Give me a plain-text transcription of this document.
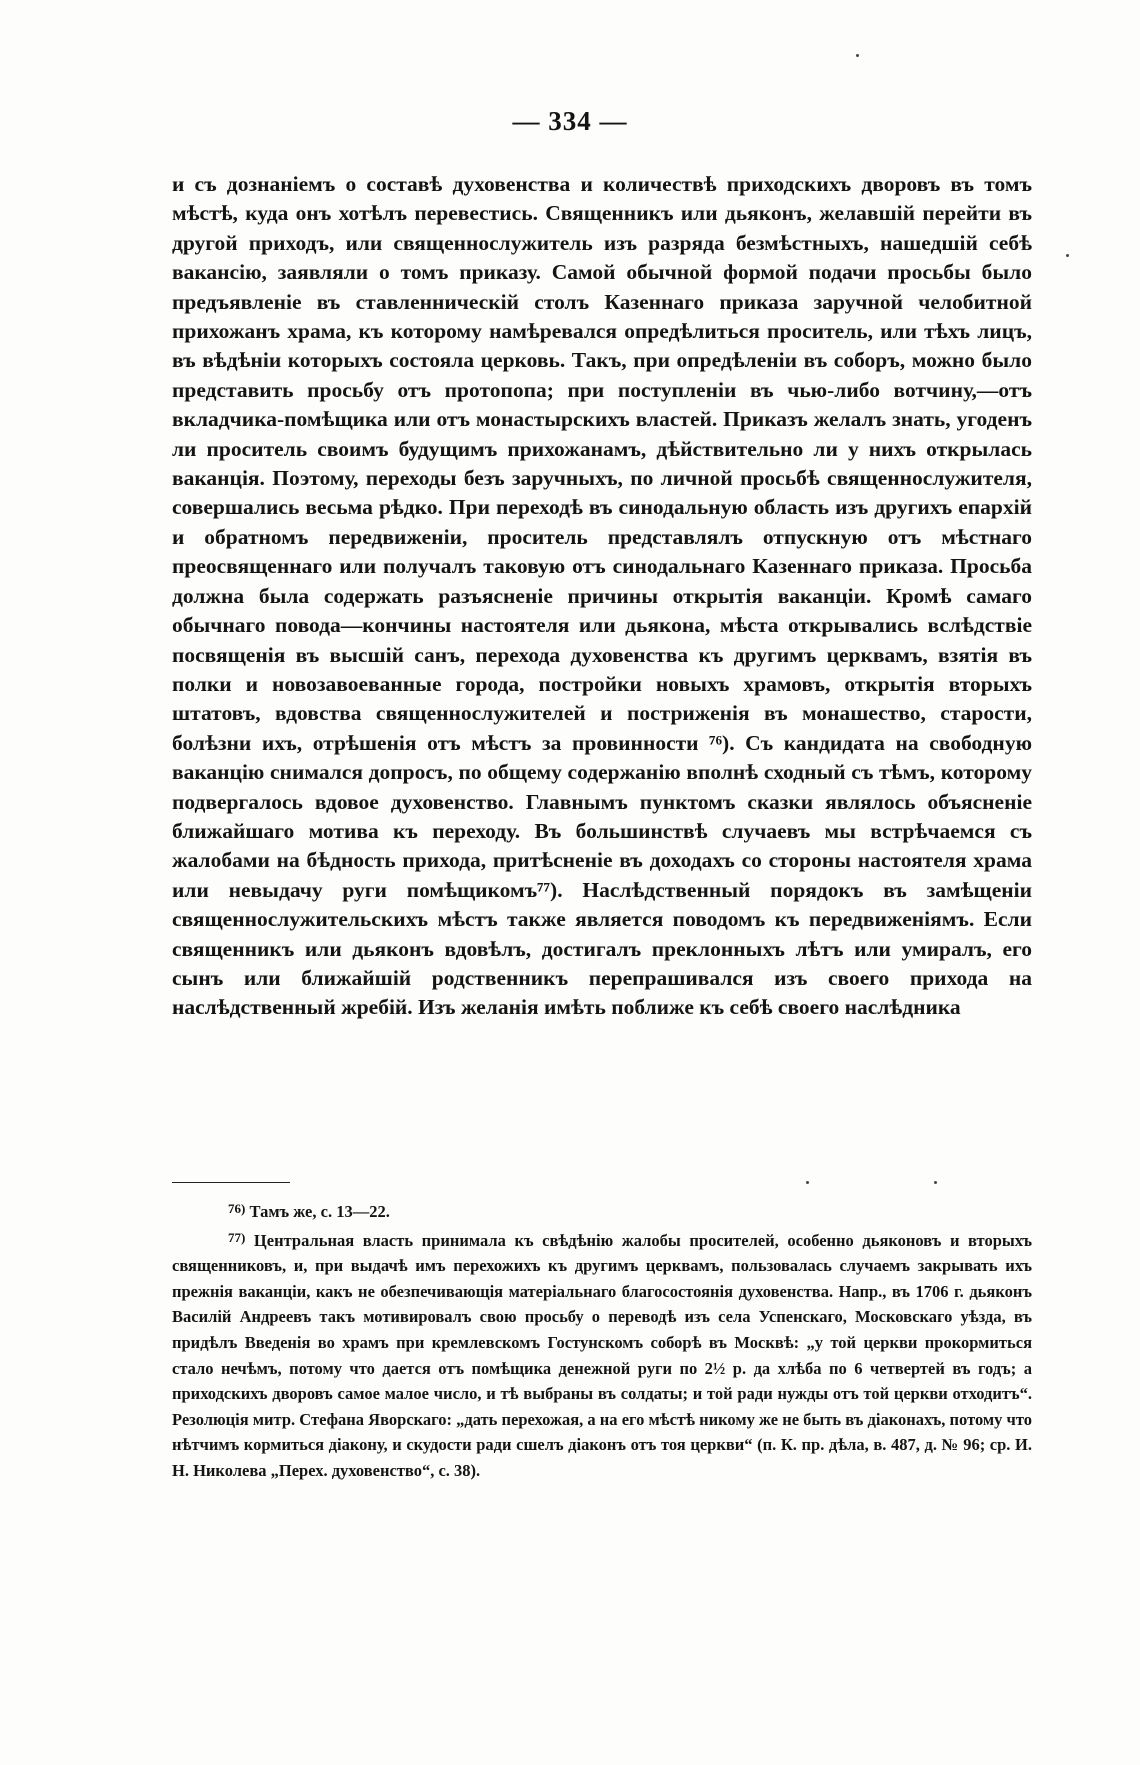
— 334 —

и съ дознаніемъ о составѣ духовенства и количествѣ приходскихъ дворовъ въ томъ мѣстѣ, куда онъ хотѣлъ перевестись. Священникъ или дьяконъ, желавшій перейти въ другой приходъ, или священнослужитель изъ разряда безмѣстныхъ, нашедшій себѣ вакансію, заявляли о томъ приказу. Самой обычной формой подачи просьбы было предъявленіе въ ставленническій столъ Казеннаго приказа заручной челобитной прихожанъ храма, къ которому намѣревался опредѣлиться проситель, или тѣхъ лицъ, въ вѣдѣніи которыхъ состояла церковь. Такъ, при опредѣленіи въ соборъ, можно было представить просьбу отъ протопопа; при поступленіи въ чью-либо вотчину,—отъ вкладчика-помѣщика или отъ монастырскихъ властей. Приказъ желалъ знать, угоденъ ли проситель своимъ будущимъ прихожанамъ, дѣйствительно ли у нихъ открылась ваканція. Поэтому, переходы безъ заручныхъ, по личной просьбѣ священнослужителя, совершались весьма рѣдко. При переходѣ въ синодальную область изъ другихъ епархій и обратномъ передвиженіи, проситель представлялъ отпускную отъ мѣстнаго преосвященнаго или получалъ таковую отъ синодальнаго Казеннаго приказа. Просьба должна была содержать разъясненіе причины открытія ваканціи. Кромѣ самаго обычнаго повода—кончины настоятеля или дьякона, мѣста открывались вслѣдствіе посвященія въ высшій санъ, перехода духовенства къ другимъ церквамъ, взятія въ полки и новозавоеванные города, постройки новыхъ храмовъ, открытія вторыхъ штатовъ, вдовства священнослужителей и постриженія въ монашество, старости, болѣзни ихъ, отрѣшенія отъ мѣстъ за провинности ⁷⁶). Съ кандидата на свободную ваканцію снимался допросъ, по общему содержанію вполнѣ сходный съ тѣмъ, которому подвергалось вдовое духовенство. Главнымъ пунктомъ сказки являлось объясненіе ближайшаго мотива къ переходу. Въ большинствѣ случаевъ мы встрѣчаемся съ жалобами на бѣдность прихода, притѣсненіе въ доходахъ со стороны настоятеля храма или невыдачу руги помѣщикомъ⁷⁷). Наслѣдственный порядокъ въ замѣщеніи священнослужительскихъ мѣстъ также является поводомъ къ передвиженіямъ. Если священникъ или дьяконъ вдовѣлъ, достигалъ преклонныхъ лѣтъ или умиралъ, его сынъ или ближайшій родственникъ перепрашивался изъ своего прихода на наслѣдственный жребій. Изъ желанія имѣть поближе къ себѣ своего наслѣдника

$^{76)}$ Тамъ же, с. 13—22.

$^{77)}$ Центральная власть принимала къ свѣдѣнію жалобы просителей, особенно дьяконовъ и вторыхъ священниковъ, и, при выдачѣ имъ перехожихъ къ другимъ церквамъ, пользовалась случаемъ закрывать ихъ прежнія ваканціи, какъ не обезпечивающія матеріальнаго благосостоянія духовенства. Напр., въ 1706 г. дьяконъ Василій Андреевъ такъ мотивировалъ свою просьбу о переводѣ изъ села Успенскаго, Московскаго уѣзда, въ придѣлъ Введенія во храмъ при кремлевскомъ Гостунскомъ соборѣ въ Москвѣ: „у той церкви прокормиться стало нечѣмъ, потому что дается отъ помѣщика денежной руги по 2½ р. да хлѣба по 6 четвертей въ годъ; а приходскихъ дворовъ самое малое число, и тѣ выбраны въ солдаты; и той ради нужды отъ той церкви отходитъ“. Резолюція митр. Стефана Яворскаго: „дать перехожая, а на его мѣстѣ никому же не быть въ діаконахъ, потому что нѣтчимъ кормиться діакону, и скудости ради сшелъ діаконъ отъ тоя церкви“ (п. К. пр. дѣла, в. 487, д. № 96; ср. И. Н. Николева „Перех. духовенство“, с. 38).
